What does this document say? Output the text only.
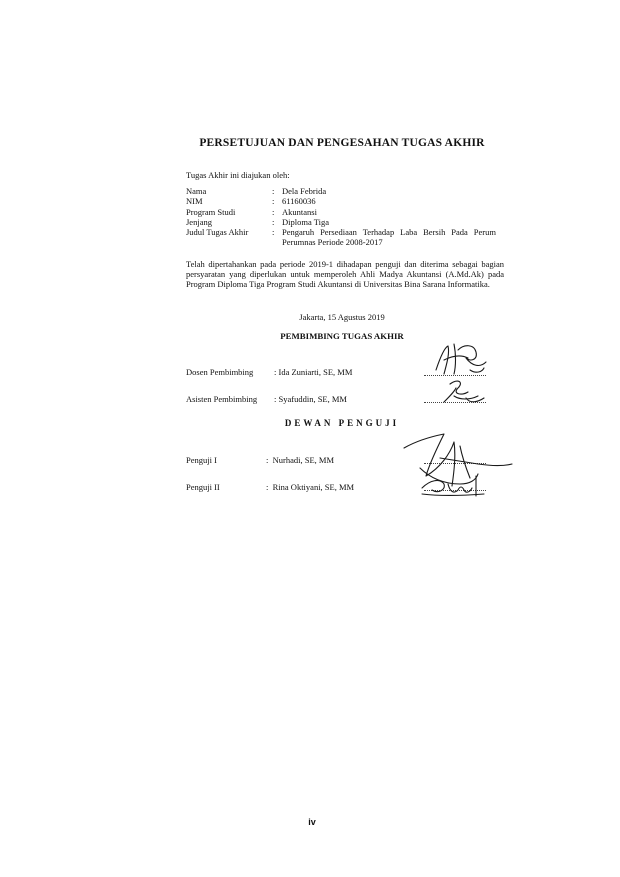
PERSETUJUAN DAN PENGESAHAN TUGAS AKHIR
Tugas Akhir ini diajukan oleh:
Nama	: Dela Febrida
NIM	: 61160036
Program Studi	: Akuntansi
Jenjang	: Diploma Tiga
Judul Tugas Akhir	: Pengaruh Persediaan Terhadap Laba Bersih Pada Perum Perumnas Periode 2008-2017
Telah dipertahankan pada periode 2019-1 dihadapan penguji dan diterima sebagai bagian persyaratan yang diperlukan untuk memperoleh Ahli Madya Akuntansi (A.Md.Ak) pada Program Diploma Tiga Program Studi Akuntansi di Universitas Bina Sarana Informatika.
Jakarta, 15 Agustus 2019
PEMBIMBING TUGAS AKHIR
Dosen Pembimbing : Ida Zuniarti, SE, MM
Asisten Pembimbing : Syafuddin, SE, MM
DEWAN PENGUJI
Penguji I	: Nurhadi, SE, MM
Penguji II	: Rina Oktiyani, SE, MM
iv
